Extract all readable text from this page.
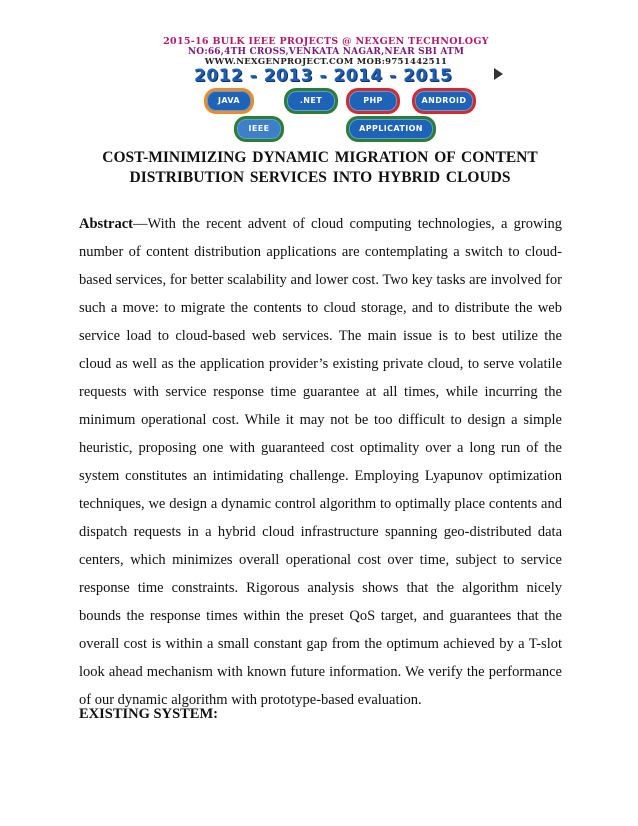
2015-16 BULK IEEE PROJECTS @ NEXGEN TECHNOLOGY
NO:66,4TH CROSS,VENKATA NAGAR,NEAR SBI ATM
WWW.NEXGENPROJECT.COM MOB:9751442511
2012 - 2013 - 2014 - 2015
JAVA	.NET	PHP	ANDROID
IEEE	APPLICATION
COST-MINIMIZING DYNAMIC MIGRATION OF CONTENT
DISTRIBUTION SERVICES INTO HYBRID CLOUDS

Abstract—With the recent advent of cloud computing technologies, a growing number of content distribution applications are contemplating a switch to cloud-based services, for better scalability and lower cost. Two key tasks are involved for such a move: to migrate the contents to cloud storage, and to distribute the web service load to cloud-based web services. The main issue is to best utilize the cloud as well as the application provider’s existing private cloud, to serve volatile requests with service response time guarantee at all times, while incurring the minimum operational cost. While it may not be too difficult to design a simple heuristic, proposing one with guaranteed cost optimality over a long run of the system constitutes an intimidating challenge. Employing Lyapunov optimization techniques, we design a dynamic control algorithm to optimally place contents and dispatch requests in a hybrid cloud infrastructure spanning geo-distributed data centers, which minimizes overall operational cost over time, subject to service response time constraints. Rigorous analysis shows that the algorithm nicely bounds the response times within the preset QoS target, and guarantees that the overall cost is within a small constant gap from the optimum achieved by a T-slot look ahead mechanism with known future information. We verify the performance of our dynamic algorithm with prototype-based evaluation.

EXISTING SYSTEM:
